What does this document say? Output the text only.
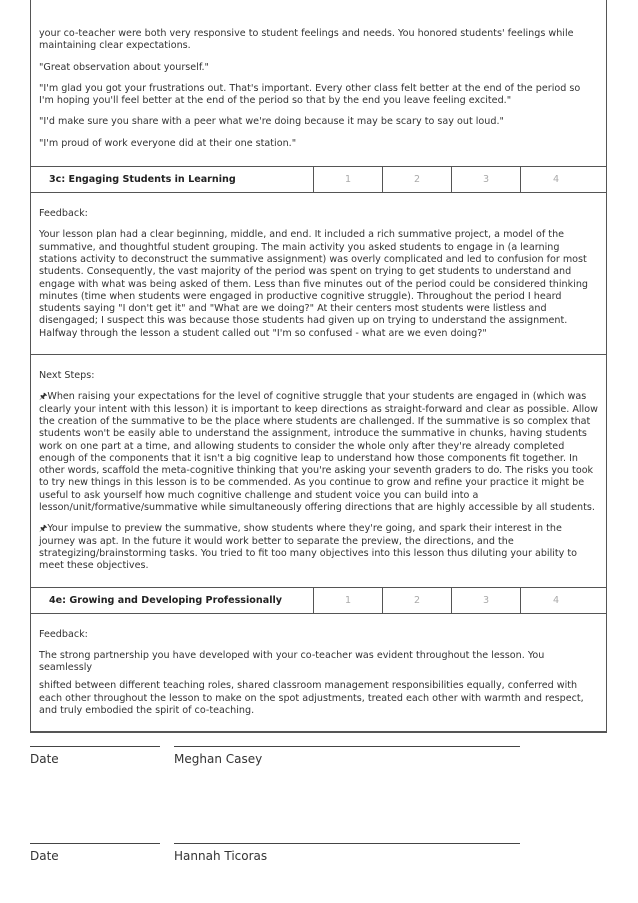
your co-teacher were both very responsive to student feelings and needs. You honored students' feelings while maintaining clear expectations.

"Great observation about yourself."

"I'm glad you got your frustrations out. That's important. Every other class felt better at the end of the period so I'm hoping you'll feel better at the end of the period so that by the end you leave feeling excited."

"I'd make sure you share with a peer what we're doing because it may be scary to say out loud."

"I'm proud of work everyone did at their one station."

3c: Engaging Students in Learning	1	2	3	4

Feedback:

Your lesson plan had a clear beginning, middle, and end. It included a rich summative project, a model of the summative, and thoughtful student grouping. The main activity you asked students to engage in (a learning stations activity to deconstruct the summative assignment) was overly complicated and led to confusion for most students. Consequently, the vast majority of the period was spent on trying to get students to understand and engage with what was being asked of them. Less than five minutes out of the period could be considered thinking minutes (time when students were engaged in productive cognitive struggle). Throughout the period I heard students saying "I don't get it" and "What are we doing?" At their centers most students were listless and disengaged; I suspect this was because those students had given up on trying to understand the assignment. Halfway through the lesson a student called out "I'm so confused - what are we even doing?"

Next Steps:

🖈When raising your expectations for the level of cognitive struggle that your students are engaged in (which was clearly your intent with this lesson) it is important to keep directions as straight-forward and clear as possible. Allow the creation of the summative to be the place where students are challenged. If the summative is so complex that students won't be easily able to understand the assignment, introduce the summative in chunks, having students work on one part at a time, and allowing students to consider the whole only after they're already completed enough of the components that it isn't a big cognitive leap to understand how those components fit together. In other words, scaffold the meta-cognitive thinking that you're asking your seventh graders to do. The risks you took to try new things in this lesson is to be commended. As you continue to grow and refine your practice it might be useful to ask yourself how much cognitive challenge and student voice you can build into a lesson/unit/formative/summative while simultaneously offering directions that are highly accessible by all students.

🖈Your impulse to preview the summative, show students where they're going, and spark their interest in the journey was apt. In the future it would work better to separate the preview, the directions, and the strategizing/brainstorming tasks. You tried to fit too many objectives into this lesson thus diluting your ability to meet these objectives.

4e: Growing and Developing Professionally	1	2	3	4

Feedback:

The strong partnership you have developed with your co-teacher was evident throughout the lesson. You seamlessly

shifted between different teaching roles, shared classroom management responsibilities equally, conferred with each other throughout the lesson to make on the spot adjustments, treated each other with warmth and respect, and truly embodied the spirit of co-teaching.

Date	Meghan Casey
Date	Hannah Ticoras
